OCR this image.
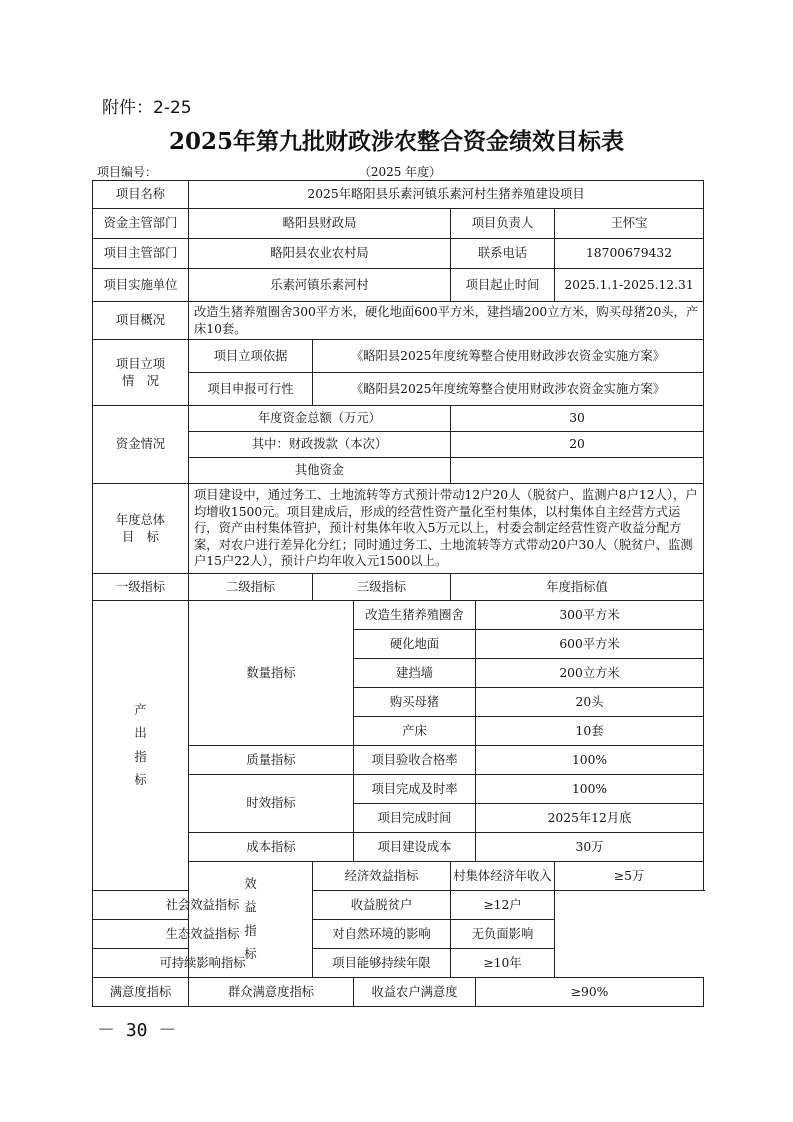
附件：2-25
2025年第九批财政涉农整合资金绩效目标表
项目编号：	（2025 年度）
项目名称	2025年略阳县乐素河镇乐素河村生猪养殖建设项目					
资金主管部门	略阳县财政局			项目负责人		王怀宝
项目主管部门	略阳县农业农村局			联系电话		18700679432
项目实施单位	乐素河镇乐素河村			项目起止时间		2025.1.1-2025.12.31
项目概况	改造生猪养殖圈舍300平方米，硬化地面600平方米，建挡墙200立方米，购买母猪20头，产床10套。					

项目立项
情　况	项目立项依据	《略阳县2025年度统筹整合使用财政涉农资金实施方案》				
	项目申报可行性	《略阳县2025年度统筹整合使用财政涉农资金实施方案》				
资金情况	年度资金总额（万元）			30		
	其中：财政拨款（本次）			20		
	其他资金					

年度总体
目　标	项目建设中，通过务工、土地流转等方式预计带动12户20人（脱贫户、监测户8户12人），户均增收1500元。项目建成后，形成的经营性资产量化至村集体，以村集体自主经营方式运行，资产由村集体管护，预计村集体年收入5万元以上，村委会制定经营性资产收益分配方案，对农户进行差异化分红；同时通过务工、土地流转等方式带动20户30人（脱贫户、监测户15户22人），预计户均年收入元1500以上。					
一级指标	二级指标	三级指标		年度指标值		

产
出
指
标	数量指标		改造生猪养殖圈舍		300平方米	
			硬化地面		600平方米	
			建挡墙		200立方米	
			购买母猪		20头	
			产床		10套	
	质量指标		项目验收合格率		100%	
	时效指标		项目完成及时率		100%	
			项目完成时间		2025年12月底	
	成本指标		项目建设成本		30万	

	效
益
指
标	经济效益指标		村集体经济年收入		≥5万
社会效益指标		收益脱贫户		≥12户		
生态效益指标		对自然环境的影响		无负面影响		
可持续影响指标		项目能够持续年限		≥10年		
满意度指标	群众满意度指标		收益农户满意度		≥90%	
－ 30 －
